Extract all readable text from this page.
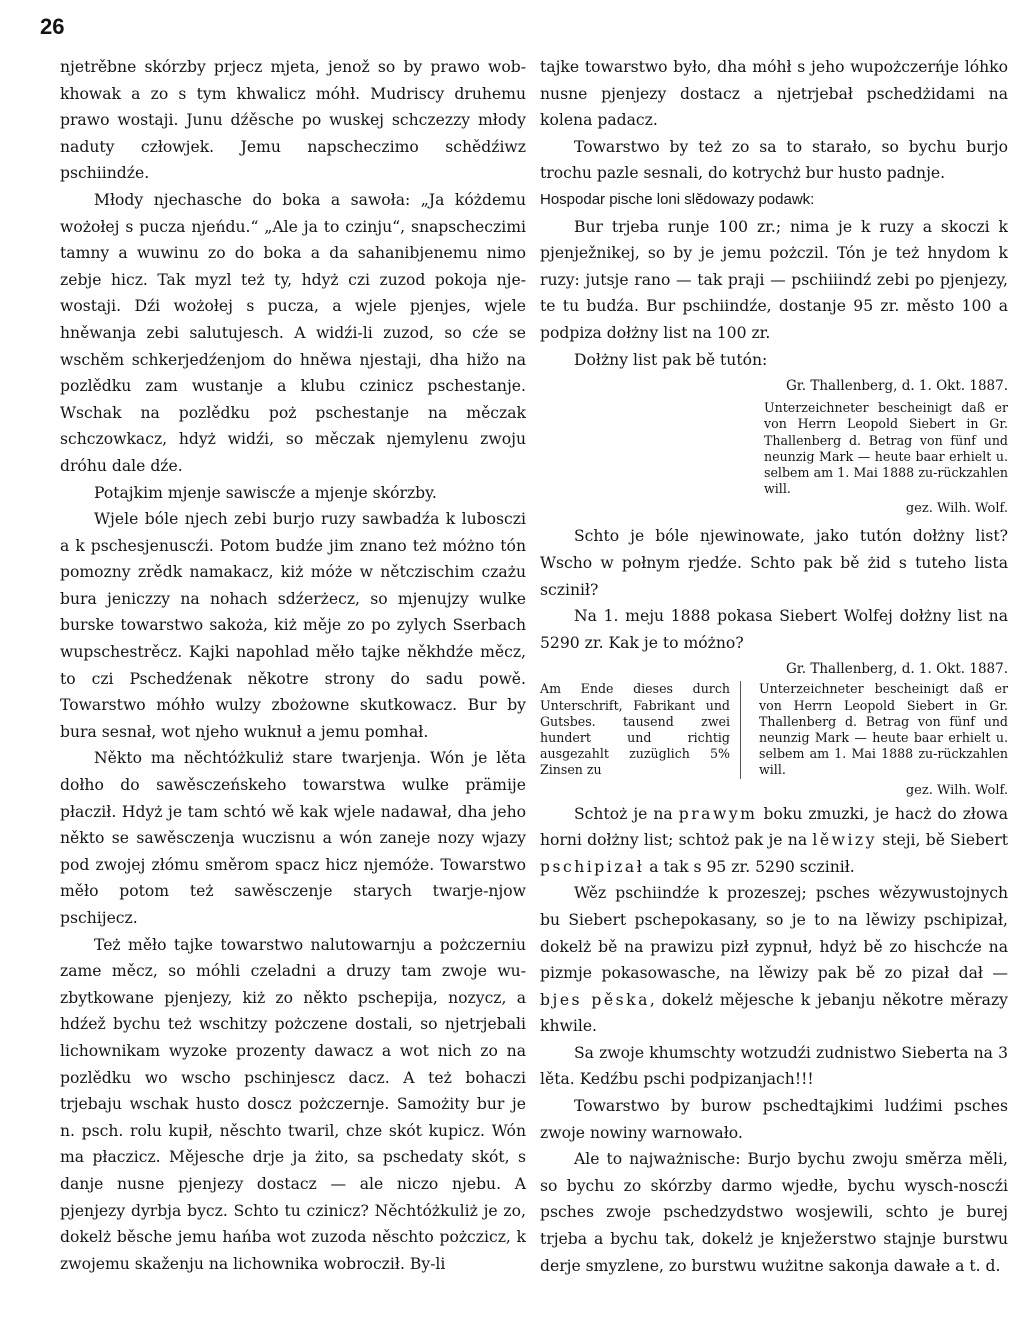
26

njetrěbne skórzby prjecz mjeta, jenož so by prawo wob-khowak a zo s tym khwalicz móhł. Mudriscy druhemu prawo wostaji. Junu dźěsche po wuskej schczezzy młody naduty człowjek. Jemu napscheczimo schědźiwz pschiindźe.

Młody njechasche do boka a sawoła: „Ja kóżdemu wożołej s pucza njeńdu.“ „Ale ja to czinju“, snapscheczimi tamny a wuwinu zo do boka a da sahanibjenemu nimo zebje hicz. Tak myzl też ty, hdyż czi zuzod pokoja nje-wostaji. Dźi wożołej s pucza, a wjele pjenjes, wjele hněwanja zebi salutujesch. A widźi-li zuzod, so cźe se wschěm schkerjedźenjom do hněwa njestaji, dha hižo na pozlědku zam wustanje a klubu czinicz pschestanje. Wschak na pozlědku poż pschestanje na měczak schczowkacz, hdyż widźi, so měczak njemylenu zwoju dróhu dale dźe.

Potajkim mjenje sawiscźe a mjenje skórzby.

Wjele bóle njech zebi burjo ruzy sawbadźa k lubosczi a k pschesjenuscźi. Potom budźe jim znano też móżno tón pomozny zrědk namakacz, kiż móże w nětczischim czażu bura jeniczzy na nohach sdźerżecz, so mjenujzy wulke burske towarstwo sakoża, kiż měje zo po zylych Sserbach wupschestrěcz. Kajki napohlad měło tajke někhdźe měcz, to czi Pschedźenak někotre strony do sadu powě. Towarstwo móhło wulzy zbożowne skutkowacz. Bur by bura sesnał, wot njeho wuknuł a jemu pomhał.

Někto ma něchtóżkuliż stare twarjenja. Wón je lěta dołho do sawěsczeńskeho towarstwa wulke prämije płacził. Hdyż je tam schtó wě kak wjele nadawał, dha jeho někto se sawěsczenja wuczisnu a wón zaneje nozy wjazy pod zwojej złómu směrom spacz hicz njemóże. Towarstwo měło potom też sawěsczenje starych twarje-njow pschijecz.

Też měło tajke towarstwo nalutowarnju a pożczerniu zame měcz, so móhli czeladni a druzy tam zwoje wu-zbytkowane pjenjezy, kiż zo někto pschepija, nozycz, a hdźež bychu też wschitzy pożczene dostali, so njetrjebali lichownikam wyzoke prozenty dawacz a wot nich zo na pozlědku wo wscho pschinjescz dacz. A też bohaczi trjebaju wschak husto doscz pożczernje. Samożity bur je n. psch. rolu kupił, něschto twaril, chze skót kupicz. Wón ma płaczicz. Mějesche drje ja żito, sa pschedaty skót, s danje nusne pjenjezy dostacz — ale niczo njebu. A pjenjezy dyrbja bycz. Schto tu czinicz? Něchtóżkuliż je zo, dokelż běsche jemu hańba wot zuzoda něschto pożczicz, k zwojemu skaženju na lichownika wobrocził. By-li

tajke towarstwo było, dha móhł s jeho wupożczerńje lóhko nusne pjenjezy dostacz a njetrjebał pschedżidami na kolena padacz.

Towarstwo by też zo sa to starało, so bychu burjo trochu pazle sesnali, do kotrychż bur husto padnje.

Hospodar pische loni slědowazy podawk:

Bur trjeba runje 100 zr.; nima je k ruzy a skoczi k pjenježnikej, so by je jemu pożczil. Tón je też hnydom k ruzy: jutsje rano — tak praji — pschiiindź zebi po pjenjezy, te tu budźa. Bur pschiindźe, dostanje 95 zr. město 100 a podpiza dołżny list na 100 zr.

Dołżny list pak bě tutón:

Gr. Thallenberg, d. 1. Okt. 1887.

Unterzeichneter bescheinigt daß er von Herrn Leopold Siebert in Gr. Thallenberg d. Betrag von fünf und neunzig Mark — heute baar erhielt u. selbem am 1. Mai 1888 zu-rückzahlen will.

gez. Wilh. Wolf.

Schto je bóle njewinowate, jako tutón dołżny list? Wscho w połnym rjedźe. Schto pak bě żid s tuteho lista sczinił?

Na 1. meju 1888 pokasa Siebert Wolfej dołżny list na 5290 zr. Kak je to móżno?

Gr. Thallenberg, d. 1. Okt. 1887.

Am Ende dieses durch Unterschrift, Fabrikant und Gutsbes. tausend zwei hundert und richtig ausgezahlt zuzüglich 5% Zinsen zu
Unterzeichneter bescheinigt daß er von Herrn Leopold Siebert in Gr. Thallenberg d. Betrag von fünf und neunzig Mark — heute baar erhielt u. selbem am 1. Mai 1888 zu-rückzahlen will.
gez. Wilh. Wolf.

Schtoż je na prawym boku zmuzki, je hacż do złowa horni dołżny list; schtoż pak je na lěwizy steji, bě Siebert pschipizał a tak s 95 zr. 5290 sczinił.

Wěz pschiindźe k prozeszej; psches wězywustojnych bu Siebert pschepokasany, so je to na lěwizy pschipizał, dokelż bě na prawizu pizł zypnuł, hdyż bě zo hischcźe na pizmje pokasowasche, na lěwizy pak bě zo pizał dał — bjes pěska, dokelż mějesche k jebanju někotre měrazy khwile.

Sa zwoje khumschty wotzudźi zudnistwo Sieberta na 3 lěta. Kedźbu pschi podpizanjach!!!

Towarstwo by burow pschedtajkimi ludźimi psches zwoje nowiny warnowało.

Ale to najważnische: Burjo bychu zwoju směrza měli, so bychu zo skórzby darmo wjedłe, bychu wysch-noscźi psches zwoje pschedzydstwo wosjewili, schto je burej trjeba a bychu tak, dokelż je knježerstwo stajnje burstwu derje smyzlene, zo burstwu wużitne sakonja dawałe a t. d.
